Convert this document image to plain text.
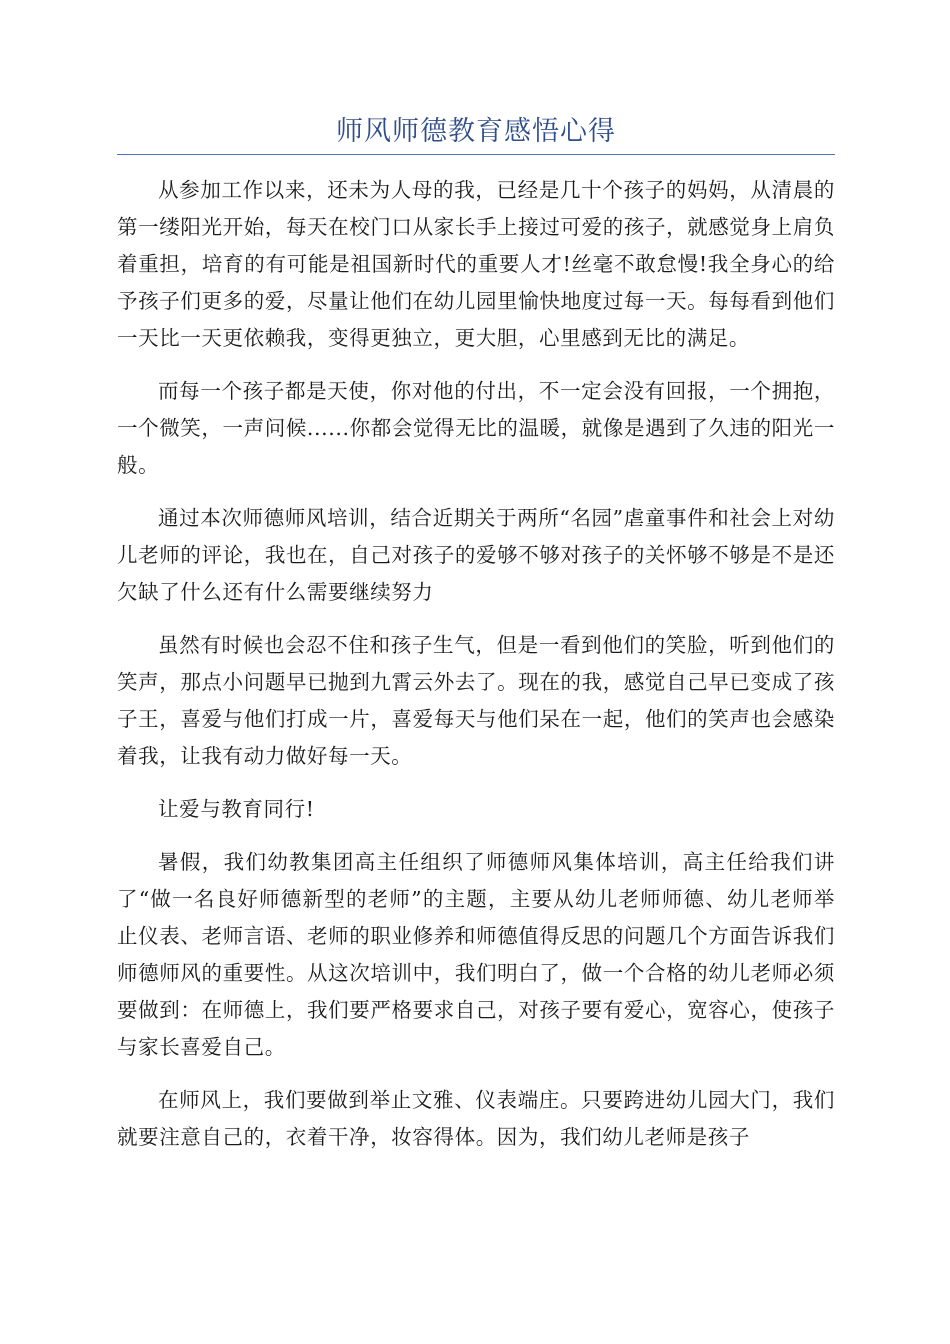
师风师德教育感悟心得

从参加工作以来，还未为人母的我，已经是几十个孩子的妈妈，从清晨的第一缕阳光开始，每天在校门口从家长手上接过可爱的孩子，就感觉身上肩负着重担，培育的有可能是祖国新时代的重要人才!丝毫不敢怠慢!我全身心的给予孩子们更多的爱，尽量让他们在幼儿园里愉快地度过每一天。每每看到他们一天比一天更依赖我，变得更独立，更大胆，心里感到无比的满足。

而每一个孩子都是天使，你对他的付出，不一定会没有回报，一个拥抱，一个微笑，一声问候......你都会觉得无比的温暖，就像是遇到了久违的阳光一般。

通过本次师德师风培训，结合近期关于两所“名园”虐童事件和社会上对幼儿老师的评论，我也在，自己对孩子的爱够不够对孩子的关怀够不够是不是还欠缺了什么还有什么需要继续努力

虽然有时候也会忍不住和孩子生气，但是一看到他们的笑脸，听到他们的笑声，那点小问题早已抛到九霄云外去了。现在的我，感觉自己早已变成了孩子王，喜爱与他们打成一片，喜爱每天与他们呆在一起，他们的笑声也会感染着我，让我有动力做好每一天。

让爱与教育同行!

暑假，我们幼教集团高主任组织了师德师风集体培训，高主任给我们讲了“做一名良好师德新型的老师”的主题，主要从幼儿老师师德、幼儿老师举止仪表、老师言语、老师的职业修养和师德值得反思的问题几个方面告诉我们师德师风的重要性。从这次培训中，我们明白了，做一个合格的幼儿老师必须要做到：在师德上，我们要严格要求自己，对孩子要有爱心，宽容心，使孩子与家长喜爱自己。

在师风上，我们要做到举止文雅、仪表端庄。只要跨进幼儿园大门，我们就要注意自己的，衣着干净，妆容得体。因为，我们幼儿老师是孩子
